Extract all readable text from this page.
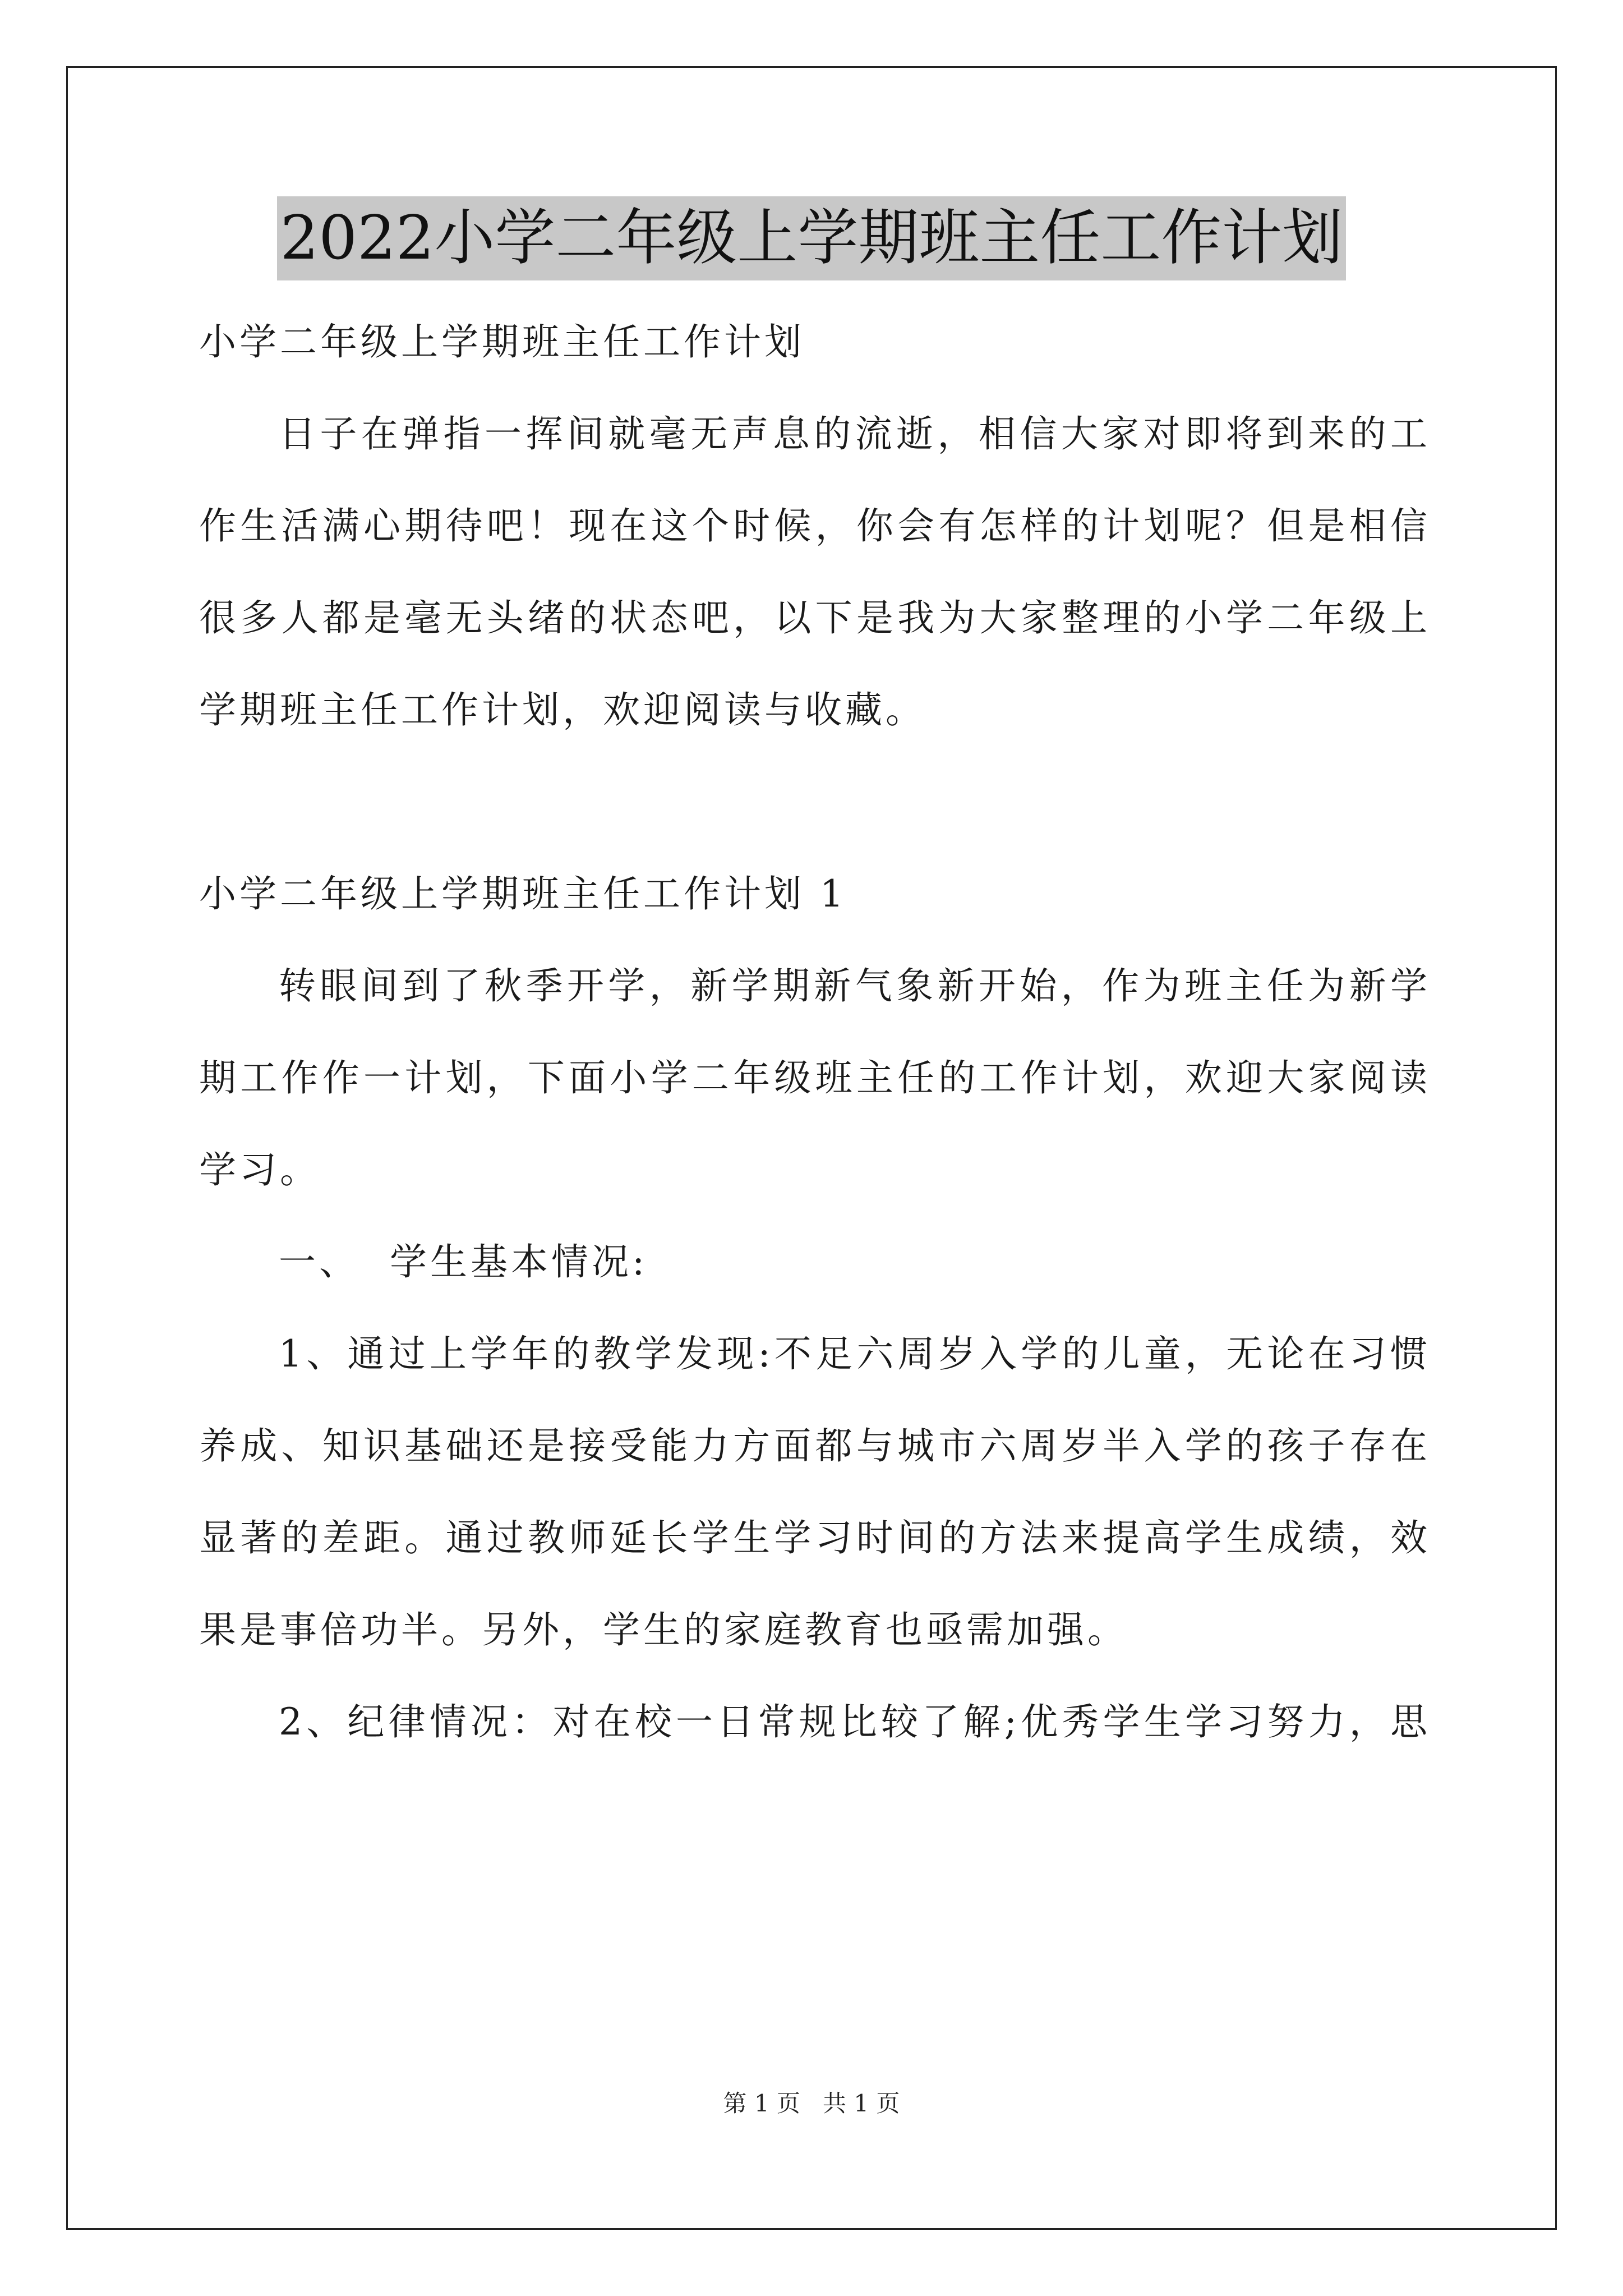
2022小学二年级上学期班主任工作计划
小学二年级上学期班主任工作计划
日子在弹指一挥间就毫无声息的流逝，相信大家对即将到来的工
作生活满心期待吧！现在这个时候，你会有怎样的计划呢？但是相信
很多人都是毫无头绪的状态吧，以下是我为大家整理的小学二年级上
学期班主任工作计划，欢迎阅读与收藏。
小学二年级上学期班主任工作计划 1
转眼间到了秋季开学，新学期新气象新开始，作为班主任为新学
期工作作一计划，下面小学二年级班主任的工作计划，欢迎大家阅读
学习。
一、  学生基本情况:
1、通过上学年的教学发现:不足六周岁入学的儿童，无论在习惯
养成、知识基础还是接受能力方面都与城市六周岁半入学的孩子存在
显著的差距。通过教师延长学生学习时间的方法来提高学生成绩，效
果是事倍功半。另外，学生的家庭教育也亟需加强。
2、纪律情况：对在校一日常规比较了解;优秀学生学习努力，思
第 1 页   共 1 页
